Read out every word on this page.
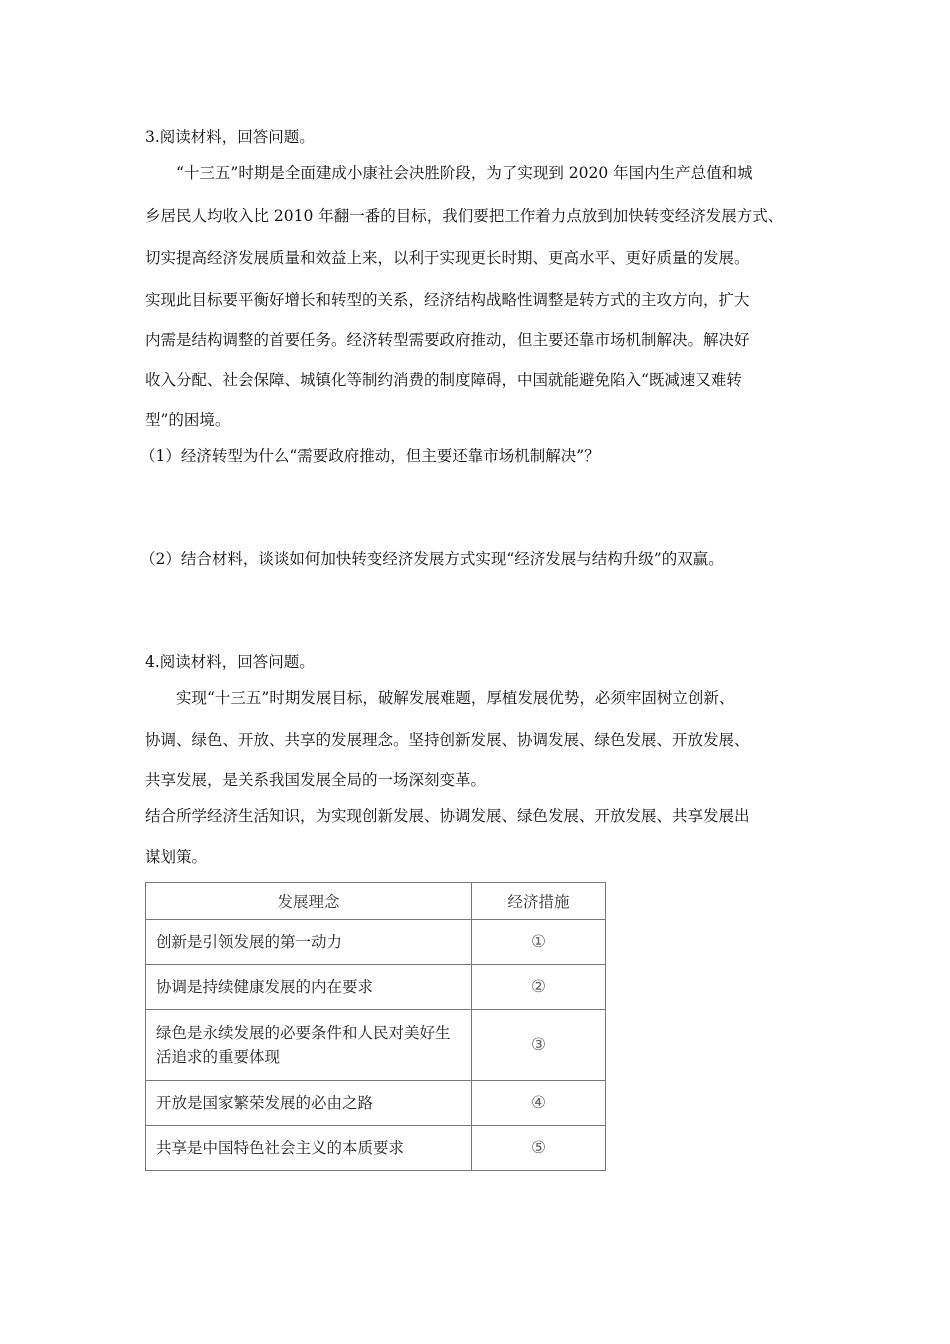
3.阅读材料，回答问题。
“十三五”时期是全面建成小康社会决胜阶段，为了实现到 2020 年国内生产总值和城
乡居民人均收入比 2010 年翻一番的目标，我们要把工作着力点放到加快转变经济发展方式、
切实提高经济发展质量和效益上来，以利于实现更长时期、更高水平、更好质量的发展。
实现此目标要平衡好增长和转型的关系，经济结构战略性调整是转方式的主攻方向，扩大
内需是结构调整的首要任务。经济转型需要政府推动，但主要还靠市场机制解决。解决好
收入分配、社会保障、城镇化等制约消费的制度障碍，中国就能避免陷入“既减速又难转
型”的困境。
（1）经济转型为什么“需要政府推动，但主要还靠市场机制解决”？
（2）结合材料，谈谈如何加快转变经济发展方式实现“经济发展与结构升级”的双赢。
4.阅读材料，回答问题。
实现“十三五”时期发展目标，破解发展难题，厚植发展优势，必须牢固树立创新、
协调、绿色、开放、共享的发展理念。坚持创新发展、协调发展、绿色发展、开放发展、
共享发展，是关系我国发展全局的一场深刻变革。
结合所学经济生活知识，为实现创新发展、协调发展、绿色发展、开放发展、共享发展出
谋划策。
发展理念	经济措施
创新是引领发展的第一动力	①
协调是持续健康发展的内在要求	②
绿色是永续发展的必要条件和人民对美好生活追求的重要体现	③
开放是国家繁荣发展的必由之路	④
共享是中国特色社会主义的本质要求	⑤
